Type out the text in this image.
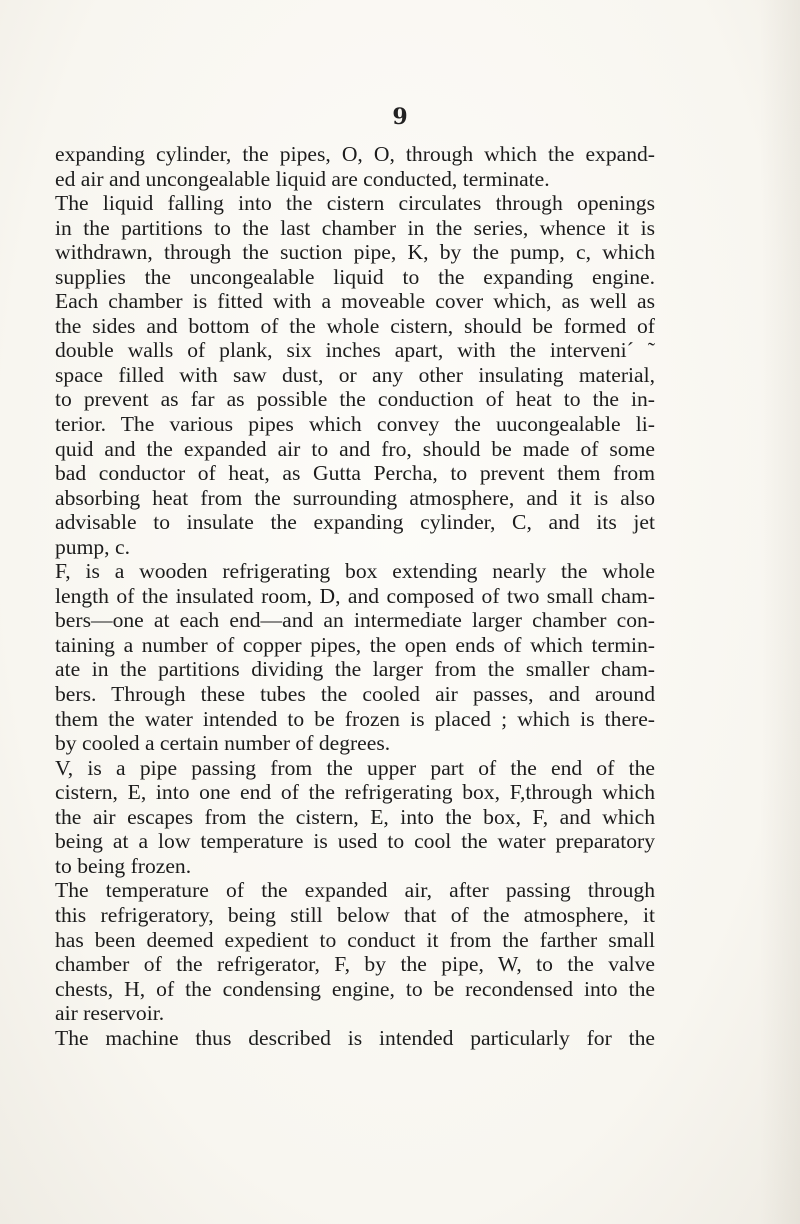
9
expanding cylinder, the pipes, O, O, through which the expand-
ed air and uncongealable liquid are conducted, terminate.
The liquid falling into the cistern circulates through openings
in the partitions to the last chamber in the series, whence it is
withdrawn, through the suction pipe, K, by the pump, c, which
supplies the uncongealable liquid to the expanding engine.
Each chamber is fitted with a moveable cover which, as well as
the sides and bottom of the whole cistern, should be formed of
double walls of plank, six inches apart, with the interveni´ ˜
space filled with saw dust, or any other insulating material,
to prevent as far as possible the conduction of heat to the in-
terior. The various pipes which convey the uucongealable li-
quid and the expanded air to and fro, should be made of some
bad conductor of heat, as Gutta Percha, to prevent them from
absorbing heat from the surrounding atmosphere, and it is also
advisable to insulate the expanding cylinder, C, and its jet
pump, c.
F, is a wooden refrigerating box extending nearly the whole
length of the insulated room, D, and composed of two small cham-
bers—one at each end—and an intermediate larger chamber con-
taining a number of copper pipes, the open ends of which termin-
ate in the partitions dividing the larger from the smaller cham-
bers. Through these tubes the cooled air passes, and around
them the water intended to be frozen is placed ; which is there-
by cooled a certain number of degrees.
V, is a pipe passing from the upper part of the end of the
cistern, E, into one end of the refrigerating box, F,through which
the air escapes from the cistern, E, into the box, F, and which
being at a low temperature is used to cool the water preparatory
to being frozen.
The temperature of the expanded air, after passing through
this refrigeratory, being still below that of the atmosphere, it
has been deemed expedient to conduct it from the farther small
chamber of the refrigerator, F, by the pipe, W, to the valve
chests, H, of the condensing engine, to be recondensed into the
air reservoir.
The machine thus described is intended particularly for the
